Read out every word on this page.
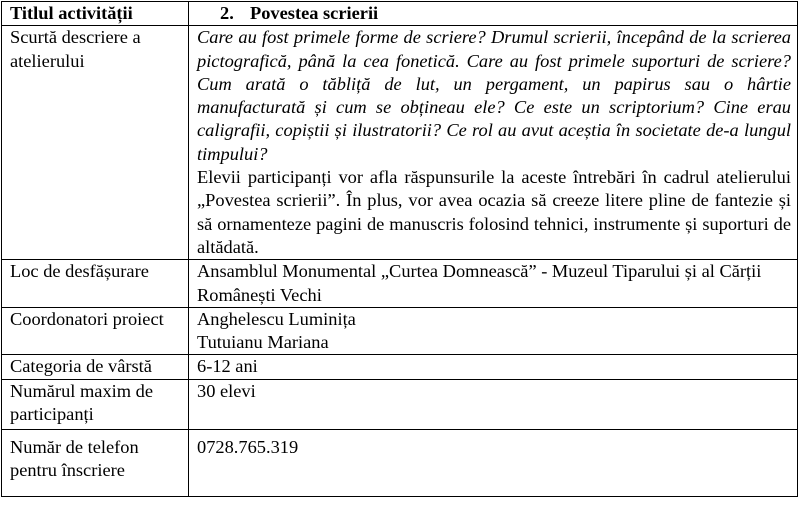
Titlul activității	2. Povestea scrierii
Scurtă descriere a atelierului	Care au fost primele forme de scriere? Drumul scrierii, începând de la scrierea pictografică, până la cea fonetică. Care au fost primele suporturi de scriere? Cum arată o tăbliță de lut, un pergament, un papirus sau o hârtie manufacturată și cum se obțineau ele? Ce este un scriptorium? Cine erau caligrafii, copiștii și ilustratorii? Ce rol au avut aceștia în societate de-a lungul timpului?
Elevii participanți vor afla răspunsurile la aceste întrebări în cadrul atelierului „Povestea scrierii”. În plus, vor avea ocazia să creeze litere pline de fantezie și să ornamenteze pagini de manuscris folosind tehnici, instrumente și suporturi de altădată.

Loc de desfășurare	Ansamblul Monumental „Curtea Domnească” - Muzeul Tiparului și al Cărții Românești Vechi
Coordonatori proiect	Anghelescu Luminița
Tutuianu Mariana

Categoria de vârstă	6-12 ani
Numărul maxim de participanți	30 elevi
Număr de telefon pentru înscriere	0728.765.319
